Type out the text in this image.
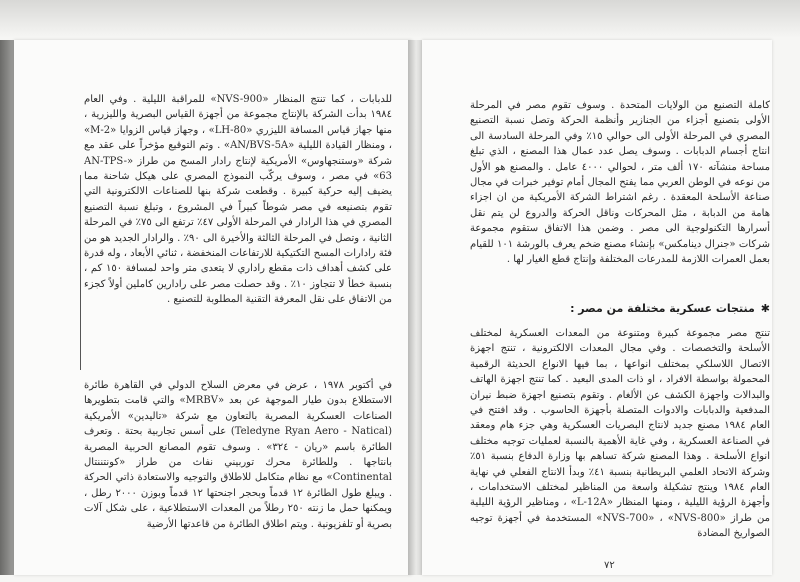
للدبابات ، كما تنتج المنظار «NVS-900» للمراقبة الليلية . وفي العام ١٩٨٤ بدأت الشركة بالإنتاج مجموعة من أجهزة القياس البصرية والليزرية ، منها جهاز قياس المسافة الليزري «LH-80» ، وجهاز قياس الزوايا «M-2» ، ومنظار القيادة الليلية «AN/BVS-5A» . وتم التوقيع مؤخراً على عقد مع شركة «وستنجهاوس» الأمريكية لإنتاج رادار المسح من طراز «AN-TPS-63» في مصر ، وسوف يركّب النموذج المصري على هيكل شاحنة مما يضيف إليه حركية كبيرة . وقطعت شركة بنها للصناعات الالكترونية التي تقوم بتصنيعه في مصر شوطاً كبيراً في المشروع ، وتبلغ نسبة التصنيع المصري في هذا الرادار في المرحلة الأولى ٤٧٪ ترتفع الى ٧٥٪ في المرحلة الثانية ، وتصل في المرحلة الثالثة والأخيرة الى ٩٠٪ . والرادار الجديد هو من فئة رادارات المسح التكتيكية للارتفاعات المنخفضة ، ثنائي الأبعاد ، وله قدرة على كشف أهداف ذات مقطع راداري لا يتعدى متر واحد لمسافة ١٥٠ كم ، بنسبة خطأ لا تتجاوز ١٠٪ . وقد حصلت مصر على رادارين كاملين أولاً كجزء من الاتفاق على نقل المعرفة التقنية المطلوبة للتصنيع .

في أكتوبر ١٩٧٨ ، عرض في معرض السلاح الدولي في القاهرة طائرة الاستطلاع بدون طيار الموجهة عن بعد «MRBV» والتي قامت بتطويرها الصناعات العسكرية المصرية بالتعاون مع شركة «تاليدين» الأمريكية (Teledyne Ryan Aero - Natical) على أسس تجاربية بحتة . وتعرف الطائرة باسم «ريان - ٣٢٤» . وسوف تقوم المصانع الحربية المصرية بانتاجها . وللطائرة محرك توربيني نفاث من طراز «كونتننتال Continental» مع نظام متكامل للاطلاق والتوجيه والاستعادة ذاتي الحركة . ويبلغ طول الطائرة ١٢ قدماً وبحجر اجنحتها ١٢ قدماً وبوزن ٢٠٠٠ رطل ، ويمكنها حمل ما زنته ٢٥٠ رطلاً من المعدات الاستطلاعية ، على شكل آلات بصرية أو تلفزيونية . ويتم اطلاق الطائرة من قاعدتها الأرضية

كاملة التصنيع من الولايات المتحدة . وسوف تقوم مصر في المرحلة الأولى بتصنيع أجزاء من الجنازير وأنظمة الحركة وتصل نسبة التصنيع المصري في المرحلة الأولى الى حوالي ١٥٪ وفي المرحلة السادسة الى انتاج أجسام الدبابات . وسوف يصل عدد عمال هذا المصنع ، الذي تبلغ مساحة منشآته ١٧٠ ألف متر ، لحوالي ٤٠٠٠ عامل . والمصنع هو الأول من نوعه في الوطن العربي مما يفتح المجال أمام توفير خبرات في مجال صناعة الأسلحة المعقدة . رغم اشتراط الشركة الأمريكية من ان اجزاء هامة من الدبابة ، مثل المحركات وناقل الحركة والدروع لن يتم نقل أسرارها التكنولوجية الى مصر . وضمن هذا الاتفاق ستقوم مجموعة شركات «جنرال دينامكس» بإنشاء مصنع ضخم يعرف بالورشة ١٠١ للقيام بعمل العمرات اللازمة للمدرعات المختلفة وإنتاج قطع الغيار لها .

✱منتجات عسكرية مختلفة من مصر :

تنتج مصر مجموعة كبيرة ومتنوعة من المعدات العسكرية لمختلف الأسلحة والتخصصات . وفي مجال المعدات الالكترونية ، تنتج اجهزة الاتصال اللاسلكي بمختلف انواعها ، بما فيها الانواع الحديثة الرقمية المحمولة بواسطة الافراد ، او ذات المدى البعيد . كما تنتج اجهزة الهاتف والبدالات واجهزة الكشف عن الألغام . وتقوم بتصنيع اجهزة ضبط نيران المدفعية والدبابات والادوات المتصلة بأجهزة الحاسوب . وقد افتتح في العام ١٩٨٤ مصنع جديد لانتاج البصريات العسكرية وهي جزء هام ومعقد في الصناعة العسكرية ، وفي غاية الأهمية بالنسبة لعمليات توجيه مختلف انواع الأسلحة . وهذا المصنع شركة تساهم بها وزارة الدفاع بنسبة ٥١٪ وشركة الاتحاد العلمي البريطانية بنسبة ٤١٪ وبدأ الانتاج الفعلي في نهاية العام ١٩٨٤ وينتج تشكيلة واسعة من المناظير لمختلف الاستخدامات ، وأجهزة الرؤية الليلية ، ومنها المنظار «L-12A» ، ومناظير الرؤية الليلية من طراز «NVS-700» ، «NVS-800» المستخدمة في أجهزة توجيه الصواريخ المضادة

٧٢
